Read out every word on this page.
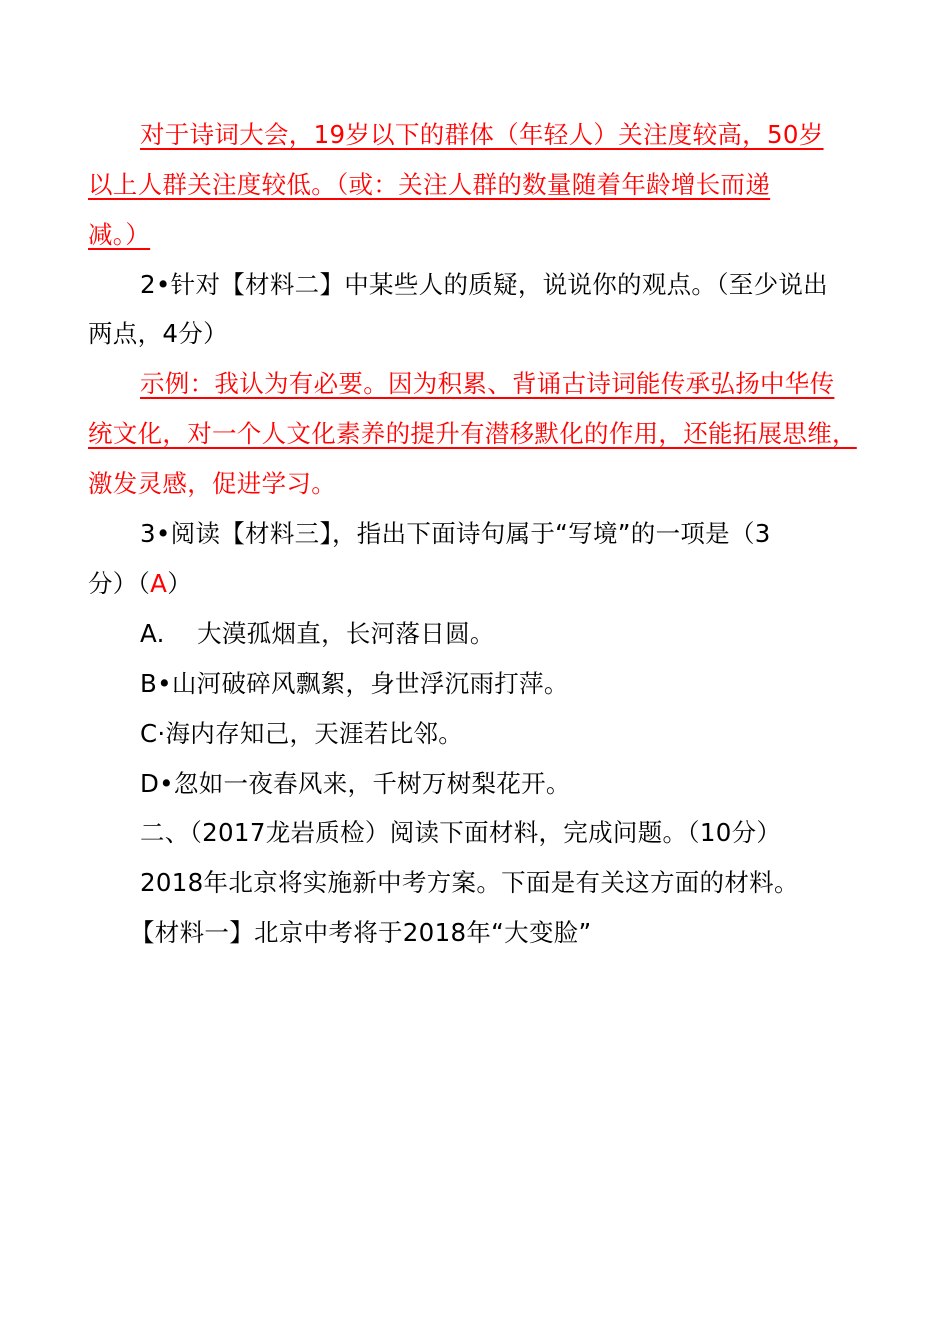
对于诗词大会，19岁以下的群体（年轻人）关注度较高，50岁
以上人群关注度较低。（或：关注人群的数量随着年龄增长而递
减。）
2•针对【材料二】中某些人的质疑，说说你的观点。（至少说出
两点，4分）
示例：我认为有必要。因为积累、背诵古诗词能传承弘扬中华传
统文化，对一个人文化素养的提升有潜移默化的作用，还能拓展思维，
激发灵感，促进学习。
3•阅读【材料三】，指出下面诗句属于“写境”的一项是（3
分）（A）
A.    大漠孤烟直，长河落日圆。
B•山河破碎风飘絮，身世浮沉雨打萍。
C·海内存知己，天涯若比邻。
D•忽如一夜春风来，千树万树梨花开。
二、（2017龙岩质检）阅读下面材料，完成问题。（10分）
2018年北京将实施新中考方案。下面是有关这方面的材料。
【材料一】北京中考将于2018年“大变脸”
